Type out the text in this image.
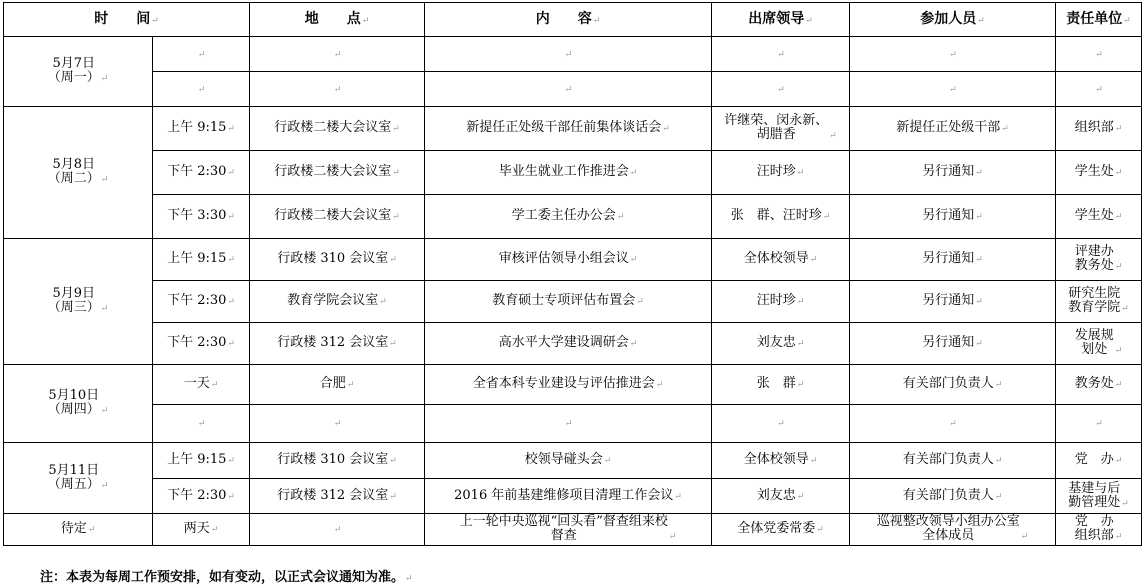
时　　间↵		地　　点↵	内　　容↵	出席领导↵	参加人员↵	责任单位↵
5月7日
（周一）↵	↵	↵	↵	↵	↵	↵
	↵	↵	↵	↵	↵	↵
5月8日
（周二）↵	上午 9:15↵	行政楼二楼大会议室↵	新提任正处级干部任前集体谈话会↵	许继荣、闵永新、
胡腊香 ↵	新提任正处级干部↵	组织部↵
	下午 2:30↵	行政楼二楼大会议室↵	毕业生就业工作推进会↵	汪时珍↵	另行通知↵	学生处↵
	下午 3:30↵	行政楼二楼大会议室↵	学工委主任办公会↵	张　群、汪时珍↵	另行通知↵	学生处↵
5月9日
（周三）↵	上午 9:15↵	行政楼 310 会议室↵	审核评估领导小组会议↵	全体校领导↵	另行通知↵	评建办
教务处↵
	下午 2:30↵	教育学院会议室↵	教育硕士专项评估布置会↵	汪时珍↵	另行通知↵	研究生院
教育学院↵
	下午 2:30↵	行政楼 312 会议室↵	高水平大学建设调研会↵	刘友忠↵	另行通知↵	发展规
划处 ↵
5月10日
（周四）↵	一天↵	合肥↵	全省本科专业建设与评估推进会↵	张　群↵	有关部门负责人↵	教务处↵
	↵	↵	↵	↵	↵	↵
5月11日
（周五）↵	上午 9:15↵	行政楼 310 会议室↵	校领导碰头会↵	全体校领导↵	有关部门负责人↵	党　办↵
	下午 2:30↵	行政楼 312 会议室↵	2016 年前基建维修项目清理工作会议↵	刘友忠↵	有关部门负责人↵	基建与后
勤管理处↵
待定↵	两天↵	↵	上一轮中央巡视“回头看”督查组来校
督查 ↵	全体党委常委↵	巡视整改领导小组办公室
全体成员 ↵	党　办
组织部↵
注：本表为每周工作预安排，如有变动，以正式会议通知为准。↵
